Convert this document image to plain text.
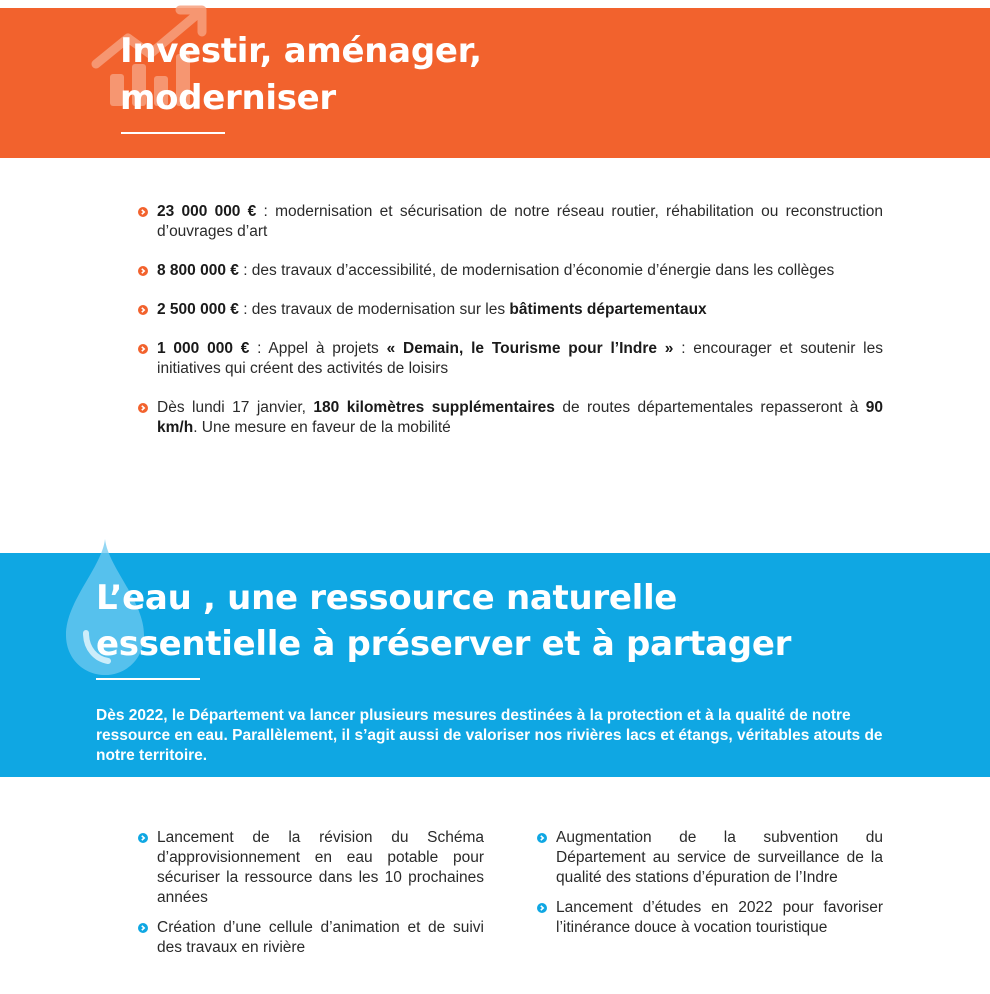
Investir, aménager,
moderniser
23 000 000 € : modernisation et sécurisation de notre réseau routier, réhabilitation ou reconstruction d’ouvrages d’art
8 800 000 € : des travaux d’accessibilité, de modernisation d’économie d’énergie dans les collèges
2 500 000 € : des travaux de modernisation sur les bâtiments départementaux
1 000 000 € : Appel à projets « Demain, le Tourisme pour l’Indre » : encourager et soutenir les initiatives qui créent des activités de loisirs
Dès lundi 17 janvier, 180 kilomètres supplémentaires de routes départementales repasseront à 90 km/h. Une mesure en faveur de la mobilité
L’eau , une ressource naturelle
essentielle à préserver et à partager

Dès 2022, le Département va lancer plusieurs mesures destinées à la protection et à la qualité de notre ressource en eau. Parallèlement, il s’agit aussi de valoriser nos rivières lacs et étangs, véritables atouts de notre territoire.

Lancement de la révision du Schéma d’approvisionnement en eau potable pour sécuriser la ressource dans les 10 prochaines années
Création d’une cellule d’animation et de suivi des travaux en rivière
Augmentation de la subvention du Département au service de surveillance de la qualité des stations d’épuration de l’Indre
Lancement d’études en 2022 pour favoriser l’itinérance douce à vocation touristique
